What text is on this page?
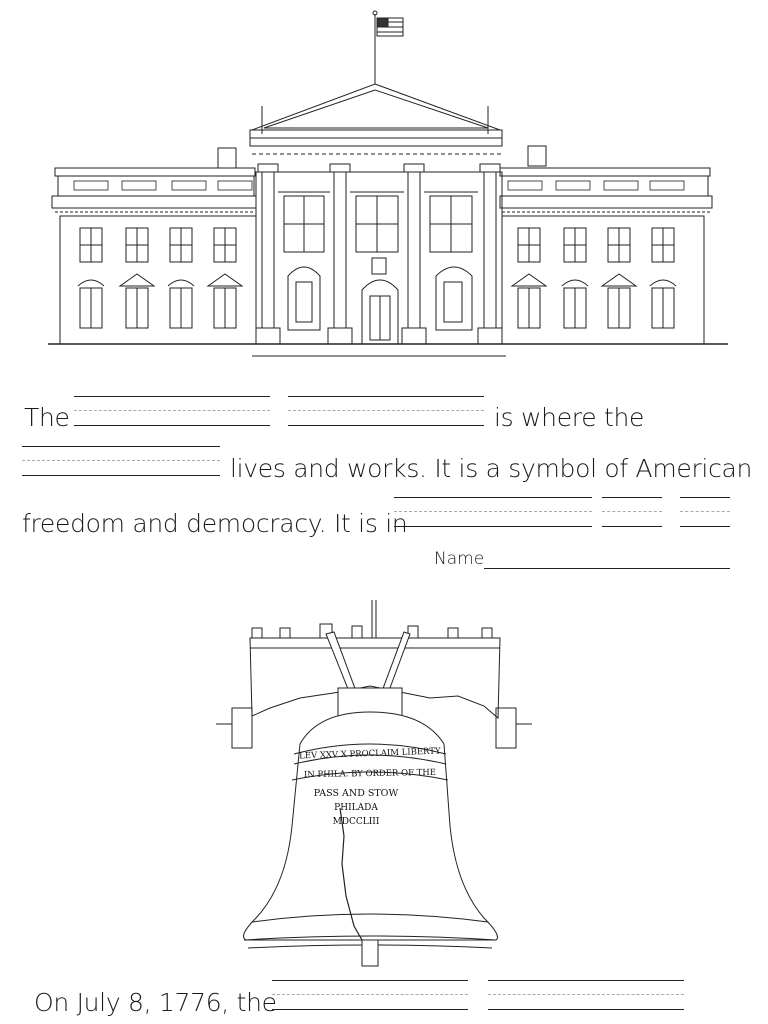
The	is where the
lives and works. It is a symbol of American
freedom and democracy. It is in
Name
LEV XXV X PROCLAIM LIBERTY
IN PHILA. BY ORDER OF THE
PASS AND STOW
PHILADA
MDCCLIII
On July 8, 1776, the
